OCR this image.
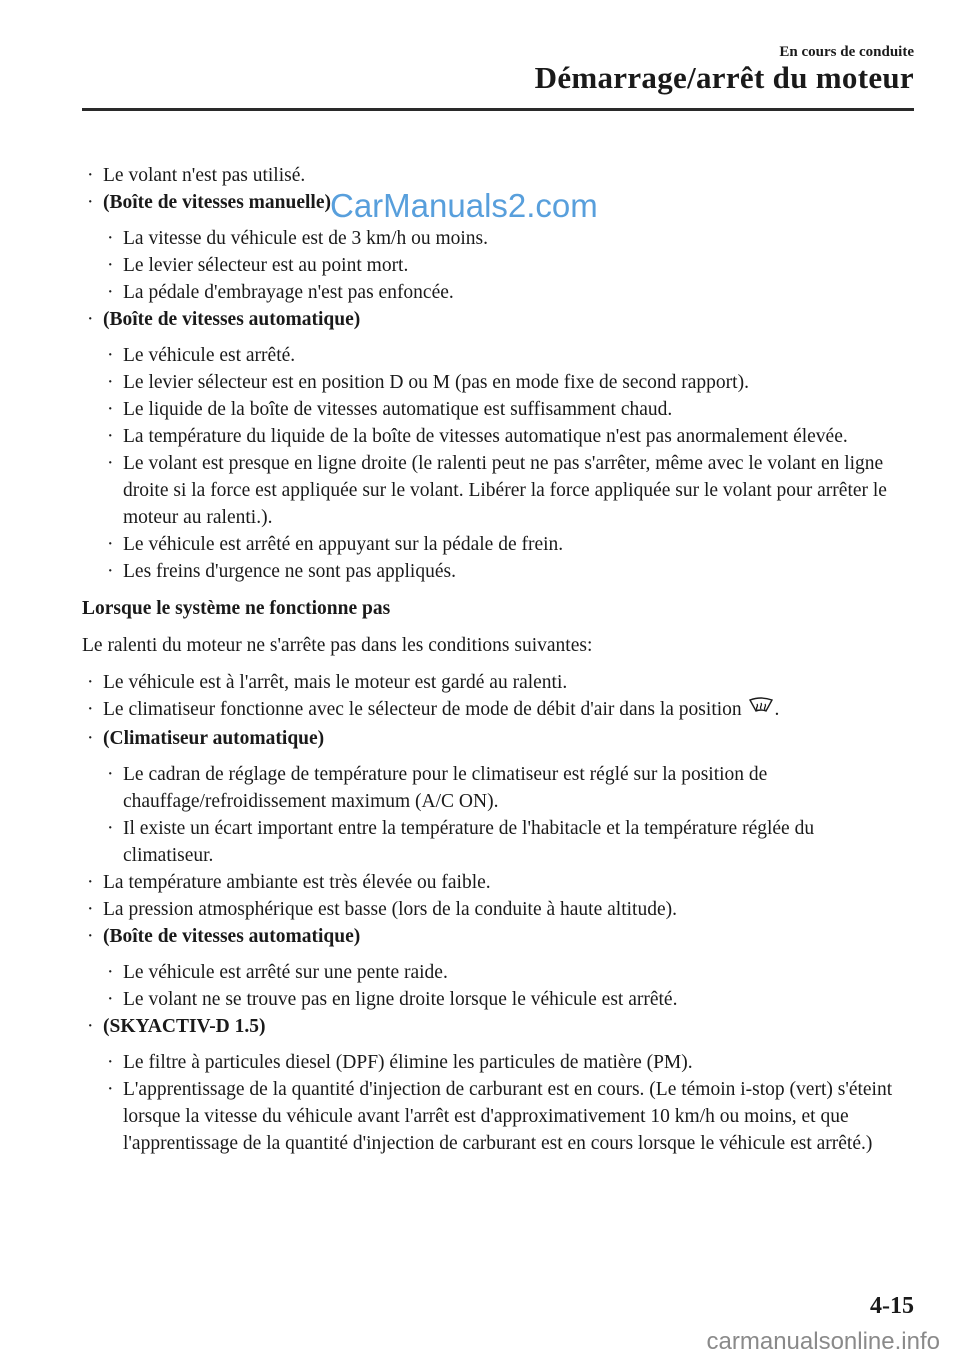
En cours de conduite
Démarrage/arrêt du moteur
· Le volant n'est pas utilisé.
· (Boîte de vitesses manuelle)
· La vitesse du véhicule est de 3 km/h ou moins.
· Le levier sélecteur est au point mort.
· La pédale d'embrayage n'est pas enfoncée.
· (Boîte de vitesses automatique)
· Le véhicule est arrêté.
· Le levier sélecteur est en position D ou M (pas en mode fixe de second rapport).
· Le liquide de la boîte de vitesses automatique est suffisamment chaud.
· La température du liquide de la boîte de vitesses automatique n'est pas anormalement élevée.
· Le volant est presque en ligne droite (le ralenti peut ne pas s'arrêter, même avec le volant en ligne droite si la force est appliquée sur le volant. Libérer la force appliquée sur le volant pour arrêter le moteur au ralenti.).
· Le véhicule est arrêté en appuyant sur la pédale de frein.
· Les freins d'urgence ne sont pas appliqués.
Lorsque le système ne fonctionne pas
Le ralenti du moteur ne s'arrête pas dans les conditions suivantes:
· Le véhicule est à l'arrêt, mais le moteur est gardé au ralenti.
· Le climatiseur fonctionne avec le sélecteur de mode de débit d'air dans la position .
· (Climatiseur automatique)
· Le cadran de réglage de température pour le climatiseur est réglé sur la position de chauffage/refroidissement maximum (A/C ON).
· Il existe un écart important entre la température de l'habitacle et la température réglée du climatiseur.
· La température ambiante est très élevée ou faible.
· La pression atmosphérique est basse (lors de la conduite à haute altitude).
· (Boîte de vitesses automatique)
· Le véhicule est arrêté sur une pente raide.
· Le volant ne se trouve pas en ligne droite lorsque le véhicule est arrêté.
· (SKYACTIV-D 1.5)
· Le filtre à particules diesel (DPF) élimine les particules de matière (PM).
· L'apprentissage de la quantité d'injection de carburant est en cours. (Le témoin i-stop (vert) s'éteint lorsque la vitesse du véhicule avant l'arrêt est d'approximativement 10 km/h ou moins, et que l'apprentissage de la quantité d'injection de carburant est en cours lorsque le véhicule est arrêté.)
CarManuals2.com
4-15
carmanualsonline.info
